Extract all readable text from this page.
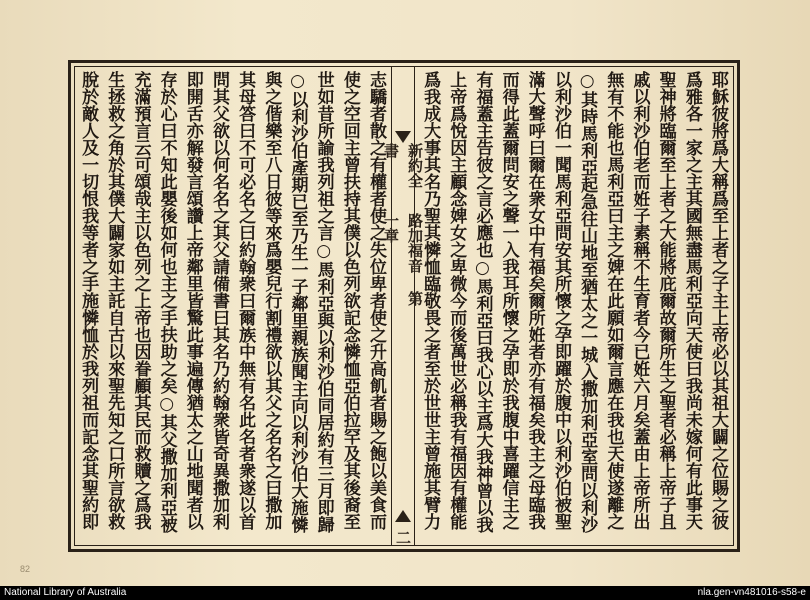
耶穌彼將爲大稱爲至上者之子主上帝必以其祖大闢之位賜之彼
爲雅各一家之主其國無盡馬利亞向天使曰我尚未嫁何有此事天
聖神將臨爾至上者之大能將庇爾故爾所生之聖者必稱上帝子且
戚以利沙伯老而姙子素稱不生育者今已姙六月矣蓋由上帝所出
無有不能也馬利亞曰主之婢在此願如爾言應在我也天使遂離之
○其時馬利亞起急往山地至猶太之一城入撒加利亞室問以利沙
以利沙伯一聞馬利亞問安其所懷之孕即躍於腹中以利沙伯被聖
滿大聲呼曰爾在衆女中有福矣爾所姙者亦有福矣我主之母臨我
而得此蓋爾問安之聲一入我耳所懷之孕即於我腹中喜躍信主之
有福蓋主告彼之言必應也○馬利亞曰我心以主爲大我神曾以我
上帝爲悅因主顧念婢女之卑微今而後萬世必稱我有福因有權能
爲我成大事其名乃聖其憐恤臨敬畏之者至於世世主曾施其臂力
新約全書
路加福音 第一章
二
志驕者散之有權者使之失位卑者使之升高飢者賜之飽以美食而
使之空回主曾扶持其僕以色列欲記念憐恤亞伯拉罕及其後裔至
世如昔所諭我列祖之言○馬利亞與以利沙伯同居約有三月即歸
○以利沙伯產期已至乃生一子鄰里親族聞主向以利沙伯大施憐
與之偕樂至八日彼等來爲嬰兒行割禮欲以其父之名名之曰撒加
其母答曰不可必名之曰約翰衆曰爾族中無有名此名者衆遂以首
問其父欲以何名名之其父請備書曰其名乃約翰衆皆奇異撒加利
即開舌亦解發言頌讚上帝鄰里皆驚此事遍傳猶太之山地聞者以
存於心曰不知此嬰後如何也主之手扶助之矣○其父撒加利亞被
充滿預言云可頌哉主以色列之上帝也因眷顧其民而救贖之爲我
生拯救之角於其僕大闢家如主託自古以來聖先知之口所言欲救
脫於敵人及一切恨我等者之手施憐恤於我列祖而記念其聖約即
82
National Library of Australia	nla.gen-vn481016-s58-e
